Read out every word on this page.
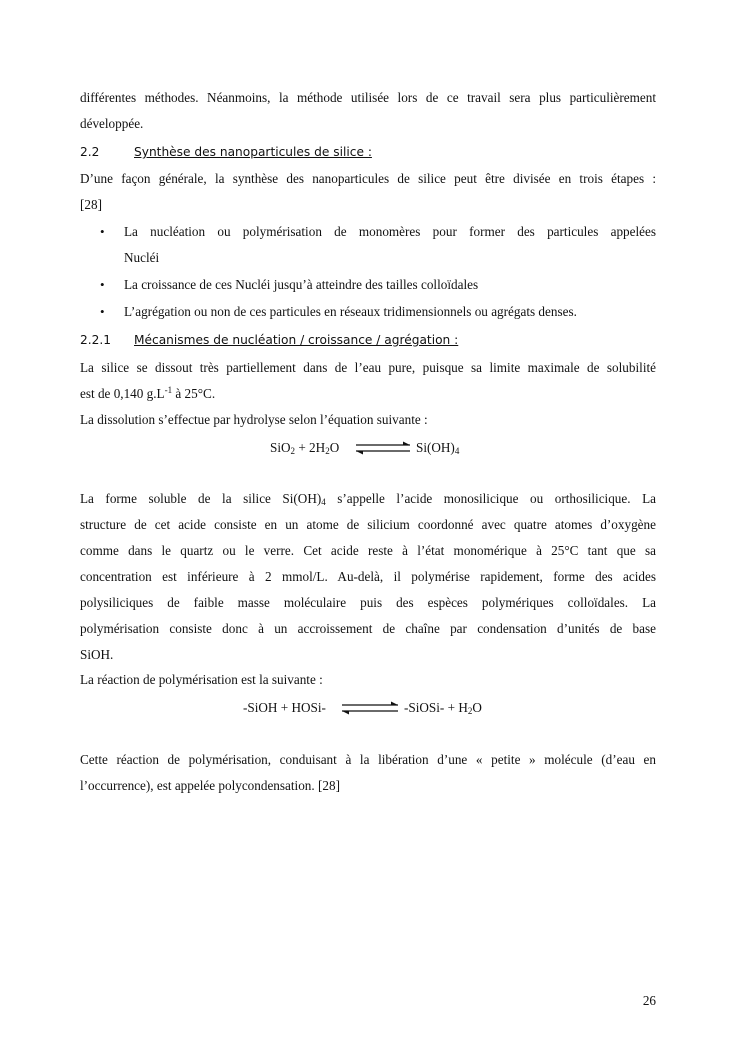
différentes méthodes. Néanmoins, la méthode utilisée lors de ce travail sera plus particulièrement
développée.
2.2	Synthèse des nanoparticules de silice :
D’une façon générale, la synthèse des nanoparticules de silice peut être divisée en trois étapes :
[28]
• La nucléation ou polymérisation de monomères pour former des particules appelées
Nucléi
• La croissance de ces Nucléi jusqu’à atteindre des tailles colloïdales
• L’agrégation ou non de ces particules en réseaux tridimensionnels ou agrégats denses.
2.2.1 Mécanismes de nucléation / croissance / agrégation :
La silice se dissout très partiellement dans de l’eau pure, puisque sa limite maximale de solubilité
est de 0,140 $g.L^{-1}$ à 25°C.
La dissolution s’effectue par hydrolyse selon l’équation suivante :
$SiO_2 + 2H_2O$ ⇌ $Si(OH)_4$
La forme soluble de la silice $Si(OH)_4$ s’appelle l’acide monosilicique ou orthosilicique. La
structure de cet acide consiste en un atome de silicium coordonné avec quatre atomes d’oxygène
comme dans le quartz ou le verre. Cet acide reste à l’état monomérique à 25°C tant que sa
concentration est inférieure à 2 mmol/L. Au-delà, il polymérise rapidement, forme des acides
polysiliciques de faible masse moléculaire puis des espèces polymériques colloïdales. La
polymérisation consiste donc à un accroissement de chaîne par condensation d’unités de base
SiOH.
La réaction de polymérisation est la suivante :
-SiOH + HOSi- ⇌ -SiOSi- + $H_2O$
Cette réaction de polymérisation, conduisant à la libération d’une « petite » molécule (d’eau en
l’occurrence), est appelée polycondensation. [28]
26
